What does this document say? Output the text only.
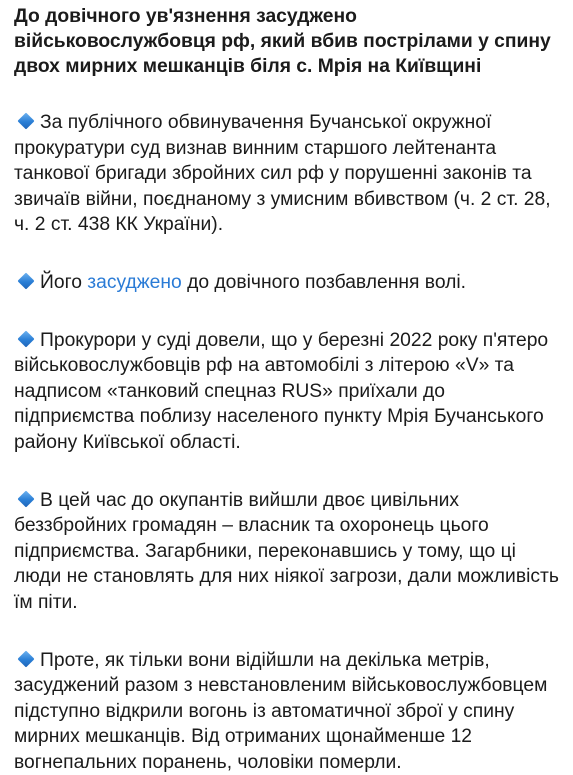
До довічного ув'язнення засуджено військовослужбовця рф, який вбив пострілами у спину двох мирних мешканців біля с. Мрія на Київщині

За публічного обвинувачення Бучанської окружної прокуратури суд визнав винним старшого лейтенанта танкової бригади збройних сил рф у порушенні законів та звичаїв війни, поєднаному з умисним вбивством (ч. 2 ст. 28, ч. 2 ст. 438 КК України).

Його засуджено до довічного позбавлення волі.

Прокурори у суді довели, що у березні 2022 року п'ятеро військовослужбовців рф на автомобілі з літерою «V» та надписом «танковий спецназ RUS» приїхали до підприємства поблизу населеного пункту Мрія Бучанського району Київської області.

В цей час до окупантів вийшли двоє цивільних беззбройних громадян – власник та охоронець цього підприємства. Загарбники, переконавшись у тому, що ці люди не становлять для них ніякої загрози, дали можливість їм піти.

Проте, як тільки вони відійшли на декілька метрів, засуджений разом з невстановленим військовослужбовцем підступно відкрили вогонь із автоматичної зброї у спину мирних мешканців. Від отриманих щонайменше 12 вогнепальних поранень, чоловіки померли.
